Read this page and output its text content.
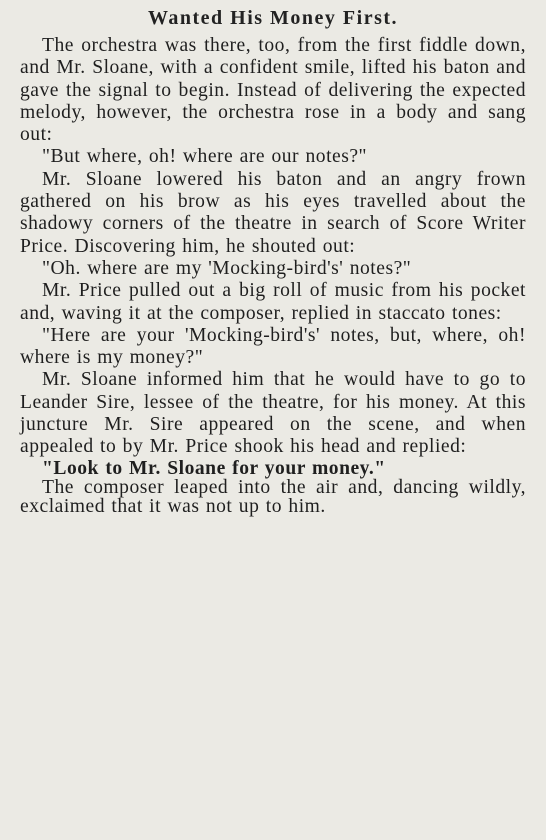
Wanted His Money First.

The orchestra was there, too, from the first fiddle down, and Mr. Sloane, with a confident smile, lifted his baton and gave the signal to begin. Instead of delivering the expected melody, however, the orchestra rose in a body and sang out:

"But where, oh! where are our notes?"

Mr. Sloane lowered his baton and an angry frown gathered on his brow as his eyes travelled about the shadowy corners of the theatre in search of Score Writer Price. Discovering him, he shouted out:

"Oh. where are my 'Mocking-bird's' notes?"

Mr. Price pulled out a big roll of music from his pocket and, waving it at the composer, replied in staccato tones:

"Here are your 'Mocking-bird's' notes, but, where, oh! where is my money?"

Mr. Sloane informed him that he would have to go to Leander Sire, lessee of the theatre, for his money. At this juncture Mr. Sire appeared on the scene, and when appealed to by Mr. Price shook his head and replied:

"Look to Mr. Sloane for your money."

The composer leaped into the air and, dancing wildly, exclaimed that it was not up to him.
